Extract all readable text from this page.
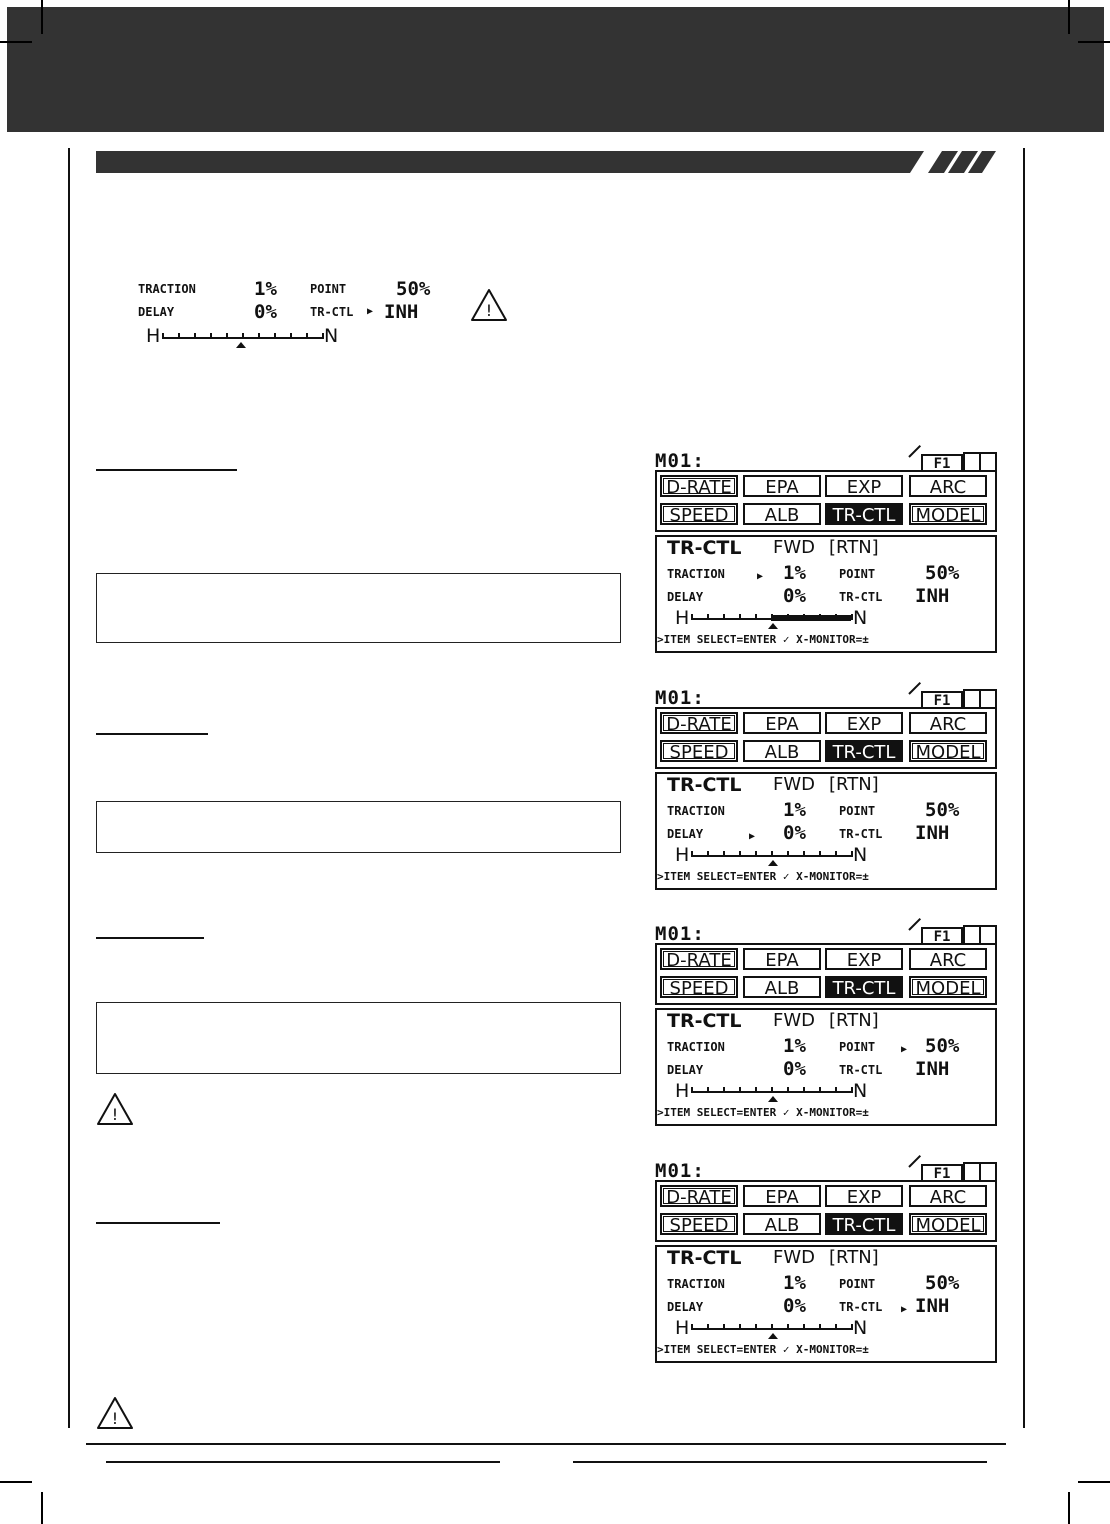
TRACTION	1%	POINT	50%
DELAY	0%	TR-CTL ▶ INH
H	N
!
!
!
M01:	F1
D-RATE	EPA	EXP	ARC
SPEED	ALB	TR-CTL	MODEL
TR-CTL FWD [RTN]
TRACTION	1%	POINT	50%
DELAY	0%	TR-CTL INH
▶
H	N
>ITEM SELECT=ENTER ✓ X-MONITOR=±
M01:	F1
D-RATE	EPA	EXP	ARC
SPEED	ALB	TR-CTL	MODEL
TR-CTL FWD [RTN]
TRACTION	1%	POINT	50%
DELAY	0%	TR-CTL INH
▶
H	N
>ITEM SELECT=ENTER ✓ X-MONITOR=±
M01:	F1
D-RATE	EPA	EXP	ARC
SPEED	ALB	TR-CTL	MODEL
TR-CTL FWD [RTN]
TRACTION	1%	POINT	50%
DELAY	0%	TR-CTL INH
▶
H	N
>ITEM SELECT=ENTER ✓ X-MONITOR=±
M01:	F1
D-RATE	EPA	EXP	ARC
SPEED	ALB	TR-CTL	MODEL
TR-CTL FWD [RTN]
TRACTION	1%	POINT	50%
DELAY	0%	TR-CTL INH
▶
H	N
>ITEM SELECT=ENTER ✓ X-MONITOR=±
